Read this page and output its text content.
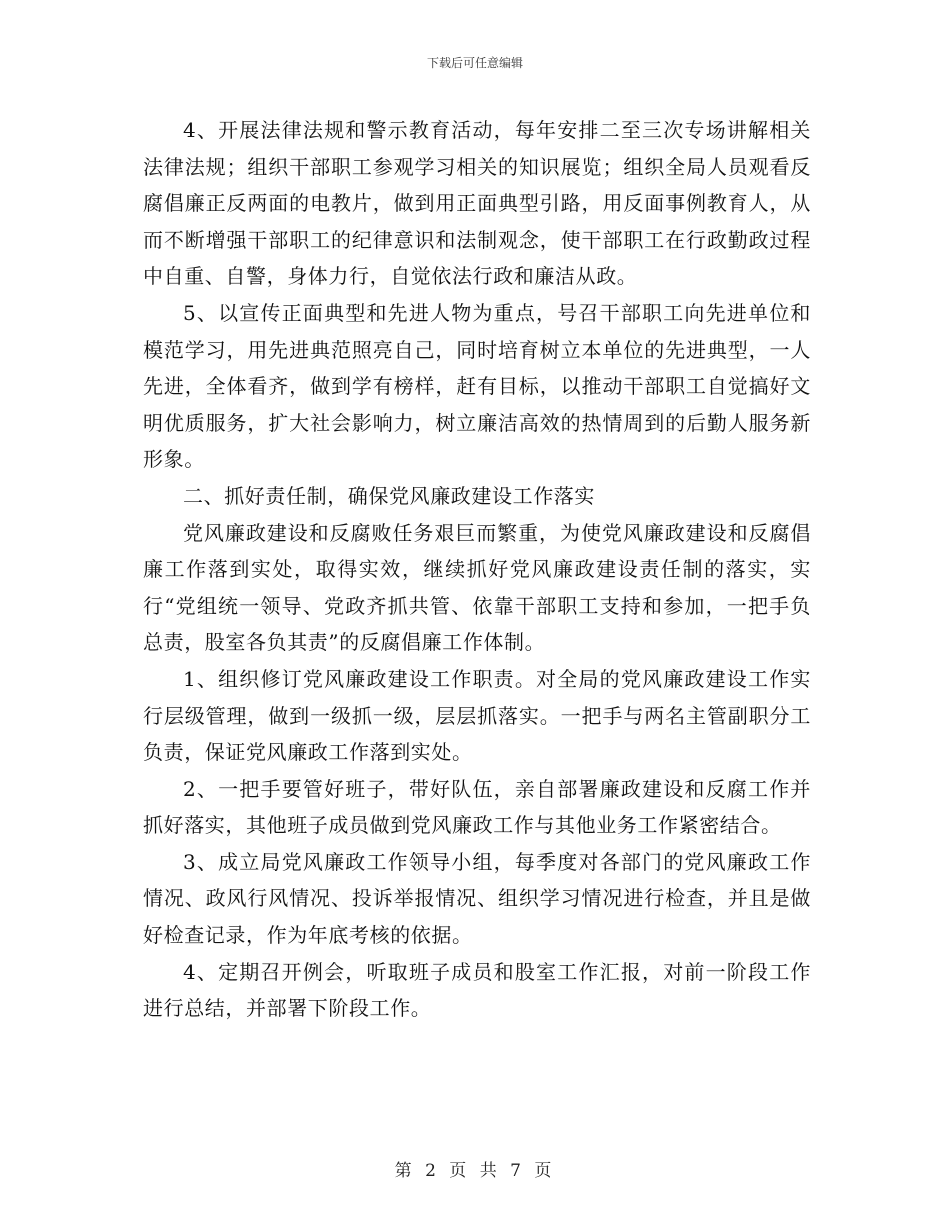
下载后可任意编辑

4、开展法律法规和警示教育活动，每年安排二至三次专场讲解相关法律法规；组织干部职工参观学习相关的知识展览；组织全局人员观看反腐倡廉正反两面的电教片，做到用正面典型引路，用反面事例教育人，从而不断增强干部职工的纪律意识和法制观念，使干部职工在行政勤政过程中自重、自警，身体力行，自觉依法行政和廉洁从政。

5、以宣传正面典型和先进人物为重点，号召干部职工向先进单位和模范学习，用先进典范照亮自己，同时培育树立本单位的先进典型，一人先进，全体看齐，做到学有榜样，赶有目标，以推动干部职工自觉搞好文明优质服务，扩大社会影响力，树立廉洁高效的热情周到的后勤人服务新形象。

二、抓好责任制，确保党风廉政建设工作落实

党风廉政建设和反腐败任务艰巨而繁重，为使党风廉政建设和反腐倡廉工作落到实处，取得实效，继续抓好党风廉政建设责任制的落实，实行“党组统一领导、党政齐抓共管、依靠干部职工支持和参加，一把手负总责，股室各负其责”的反腐倡廉工作体制。

1、组织修订党风廉政建设工作职责。对全局的党风廉政建设工作实行层级管理，做到一级抓一级，层层抓落实。一把手与两名主管副职分工负责，保证党风廉政工作落到实处。

2、一把手要管好班子，带好队伍，亲自部署廉政建设和反腐工作并抓好落实，其他班子成员做到党风廉政工作与其他业务工作紧密结合。

3、成立局党风廉政工作领导小组，每季度对各部门的党风廉政工作情况、政风行风情况、投诉举报情况、组织学习情况进行检查，并且是做好检查记录，作为年底考核的依据。

4、定期召开例会，听取班子成员和股室工作汇报，对前一阶段工作进行总结，并部署下阶段工作。

第 2 页 共 7 页
